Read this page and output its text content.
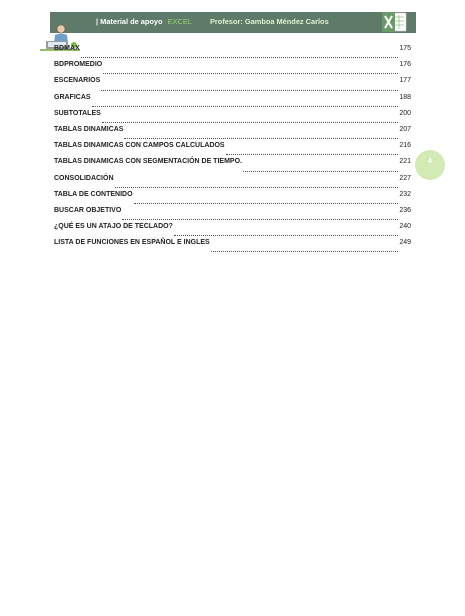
| Material de apoyo EXCEL Profesor: Gamboa Méndez Carlos
BDMAX	175
BDPROMEDIO	176
ESCENARIOS	177
GRAFICAS	188
SUBTOTALES	200
TABLAS DINAMICAS	207
TABLAS DINAMICAS CON CAMPOS CALCULADOS	216
TABLAS DINAMICAS CON SEGMENTACIÓN DE TIEMPO.	221
CONSOLIDACIÓN	227
TABLA DE CONTENIDO	232
BUSCAR OBJETIVO	236
¿QUÉ ES UN ATAJO DE TECLADO?	240
LISTA DE FUNCIONES EN ESPAÑOL E INGLES	249
4
